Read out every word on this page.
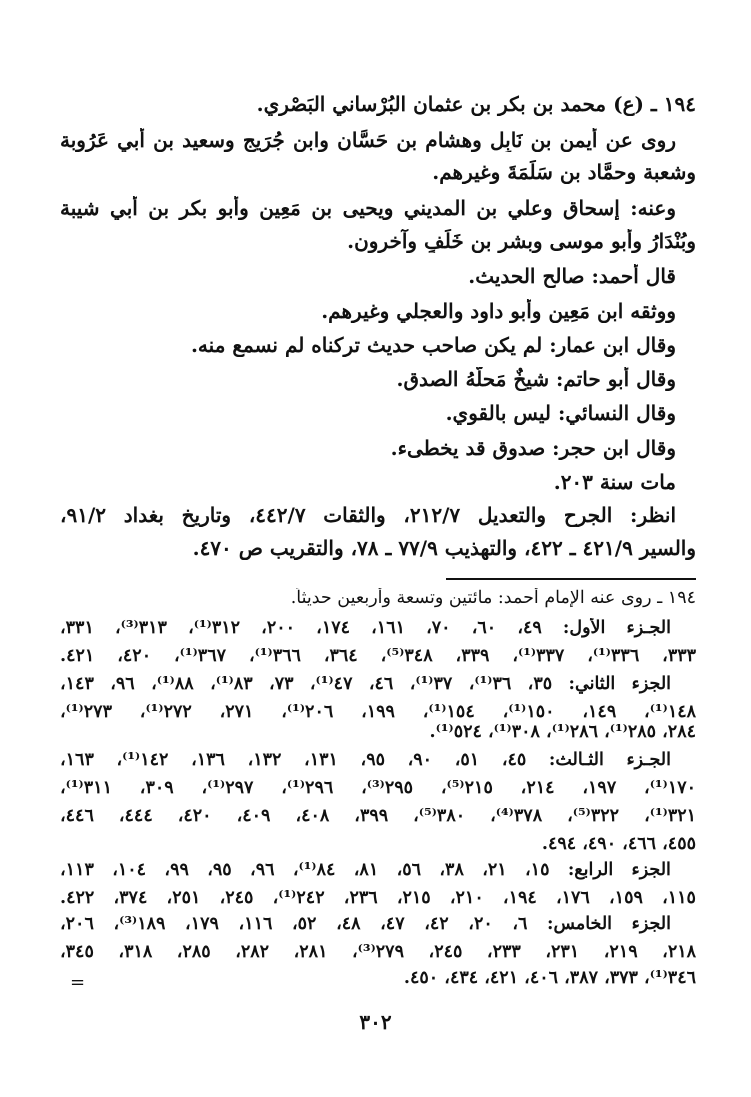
١٩٤ ـ (ع) محمد بن بكر بن عثمان البُرْساني البَصْري.
روى عن أيمن بن نَابِل وهشام بن حَسَّان وابن جُرَيج وسعيد بن أبي عَرُوبة
وشعبة وحمَّاد بن سَلَمَةَ وغيرهم.
وعنه: إسحاق وعلي بن المديني ويحيى بن مَعِين وأبو بكر بن أبي شيبة
وبُنْدَارُ وأبو موسى وبشر بن خَلَفٍ وآخرون.
قال أحمد: صالح الحديث.
ووثقه ابن مَعِين وأبو داود والعجلي وغيرهم.
وقال ابن عمار: لم يكن صاحب حديث تركناه لم نسمع منه.
وقال أبو حاتم: شيخٌ مَحلُّهُ الصدق.
وقال النسائي: ليس بالقوي.
وقال ابن حجر: صدوق قد يخطىء.
مات سنة ٢٠٣.
انظر: الجرح والتعديل ٢١٢/٧، والثقات ٤٤٢/٧، وتاريخ بغداد ٩١/٢،
والسير ٤٢١/٩ ـ ٤٢٢، والتهذيب ٧٧/٩ ـ ٧٨، والتقريب ص ٤٧٠.
١٩٤ ـ روى عنه الإمام أحمد: مائتين وتسعة وأربعين حديثاً.
الجـزء الأول: ٤٩، ٦٠، ٧٠، ١٦١، ١٧٤، ٢٠٠، ٣١٢⁽¹⁾، ٣١٣⁽³⁾، ٣٣١،
٣٣٣، ٣٣٦⁽¹⁾، ٣٣٧⁽¹⁾، ٣٣٩، ٣٤٨⁽⁵⁾، ٣٦٤، ٣٦٦⁽¹⁾، ٣٦٧⁽¹⁾، ٤٢٠، ٤٢١.
الجزء الثاني: ٣٥، ٣٦⁽¹⁾، ٣٧⁽¹⁾، ٤٦، ٤٧⁽¹⁾، ٧٣، ٨٣⁽¹⁾، ٨٨⁽¹⁾، ٩٦، ١٤٣،
١٤٨⁽¹⁾، ١٤٩، ١٥٠⁽¹⁾، ١٥٤⁽¹⁾، ١٩٩، ٢٠٦⁽¹⁾، ٢٧١، ٢٧٢⁽¹⁾، ٢٧٣⁽¹⁾،
٢٨٤، ٢٨٥⁽¹⁾، ٢٨٦⁽¹⁾، ٣٠٨⁽¹⁾، ٥٢٤⁽¹⁾.
الجـزء الثـالث: ٤٥، ٥١، ٩٠، ٩٥، ١٣١، ١٣٢، ١٣٦، ١٤٢⁽¹⁾، ١٦٣،
١٧٠⁽¹⁾، ١٩٧، ٢١٤، ٢١٥⁽⁵⁾، ٢٩٥⁽³⁾، ٢٩٦⁽¹⁾، ٢٩٧⁽¹⁾، ٣٠٩، ٣١١⁽¹⁾،
٣٢١⁽¹⁾، ٣٢٢⁽⁵⁾، ٣٧٨⁽⁴⁾، ٣٨٠⁽⁵⁾، ٣٩٩، ٤٠٨، ٤٠٩، ٤٢٠، ٤٤٤، ٤٤٦،
٤٥٥، ٤٦٦، ٤٩٠، ٤٩٤.
الجزء الرابع: ١٥، ٢١، ٣٨، ٥٦، ٨١، ٨٤⁽¹⁾، ٩٦، ٩٥، ٩٩، ١٠٤، ١١٣،
١١٥، ١٥٩، ١٧٦، ١٩٤، ٢١٠، ٢١٥، ٢٣٦، ٢٤٢⁽¹⁾، ٢٤٥، ٢٥١، ٣٧٤، ٤٢٢.
الجزء الخامس: ٦، ٢٠، ٤٢، ٤٧، ٤٨، ٥٢، ١١٦، ١٧٩، ١٨٩⁽³⁾، ٢٠٦،
٢١٨، ٢١٩، ٢٣١، ٢٣٣، ٢٤٥، ٢٧٩⁽³⁾، ٢٨١، ٢٨٢، ٢٨٥، ٣١٨، ٣٤٥،
٣٤٦⁽¹⁾، ٣٧٣، ٣٨٧، ٤٠٦، ٤٢١، ٤٣٤، ٤٥٠.
=
٣٠٢
